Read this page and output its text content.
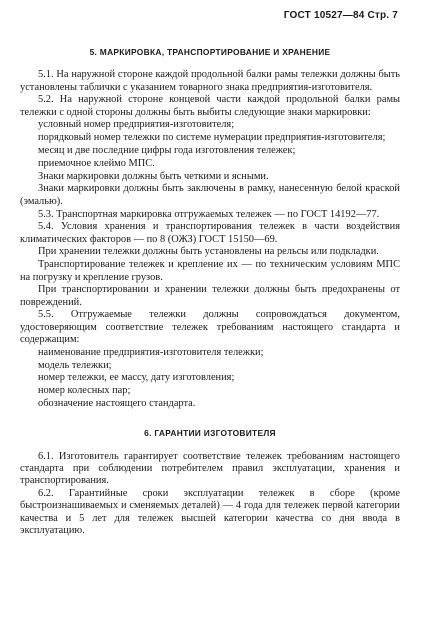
ГОСТ 10527—84 Стр. 7
5. МАРКИРОВКА, ТРАНСПОРТИРОВАНИЕ И ХРАНЕНИЕ

5.1. На наружной стороне каждой продольной балки рамы тележки должны быть установлены таблички с указанием товарного знака предприятия-изготовителя.

5.2. На наружной стороне концевой части каждой продольной балки рамы тележки с одной стороны должны быть выбиты следующие знаки маркировки:

условный номер предприятия-изготовителя;

порядковый номер тележки по системе нумерации предприятия-изготовителя;

месяц и две последние цифры года изготовления тележек;

приемочное клеймо МПС.

Знаки маркировки должны быть четкими и ясными.

Знаки маркировки должны быть заключены в рамку, нанесенную белой краской (эмалью).

5.3. Транспортная маркировка отгружаемых тележек — по ГОСТ 14192—77.

5.4. Условия хранения и транспортирования тележек в части воздействия климатических факторов — по 8 (ОЖЗ) ГОСТ 15150—69.

При хранении тележки должны быть установлены на рельсы или подкладки.

Транспортирование тележек и крепление их — по техническим условиям МПС на погрузку и крепление грузов.

При транспортировании и хранении тележки должны быть предохранены от повреждений.

5.5. Отгружаемые тележки должны сопровождаться документом, удостоверяющим соответствие тележек требованиям настоящего стандарта и содержащим:

наименование предприятия-изготовителя тележки;

модель тележки;

номер тележки, ее массу, дату изготовления;

номер колесных пар;

обозначение настоящего стандарта.

6. ГАРАНТИИ ИЗГОТОВИТЕЛЯ

6.1. Изготовитель гарантирует соответствие тележек требованиям настоящего стандарта при соблюдении потребителем правил эксплуатации, хранения и транспортирования.

6.2. Гарантийные сроки эксплуатации тележек в сборе (кроме быстроизнашиваемых и сменяемых деталей) — 4 года для тележек первой категории качества и 5 лет для тележек высшей категории качества со дня ввода в эксплуатацию.
